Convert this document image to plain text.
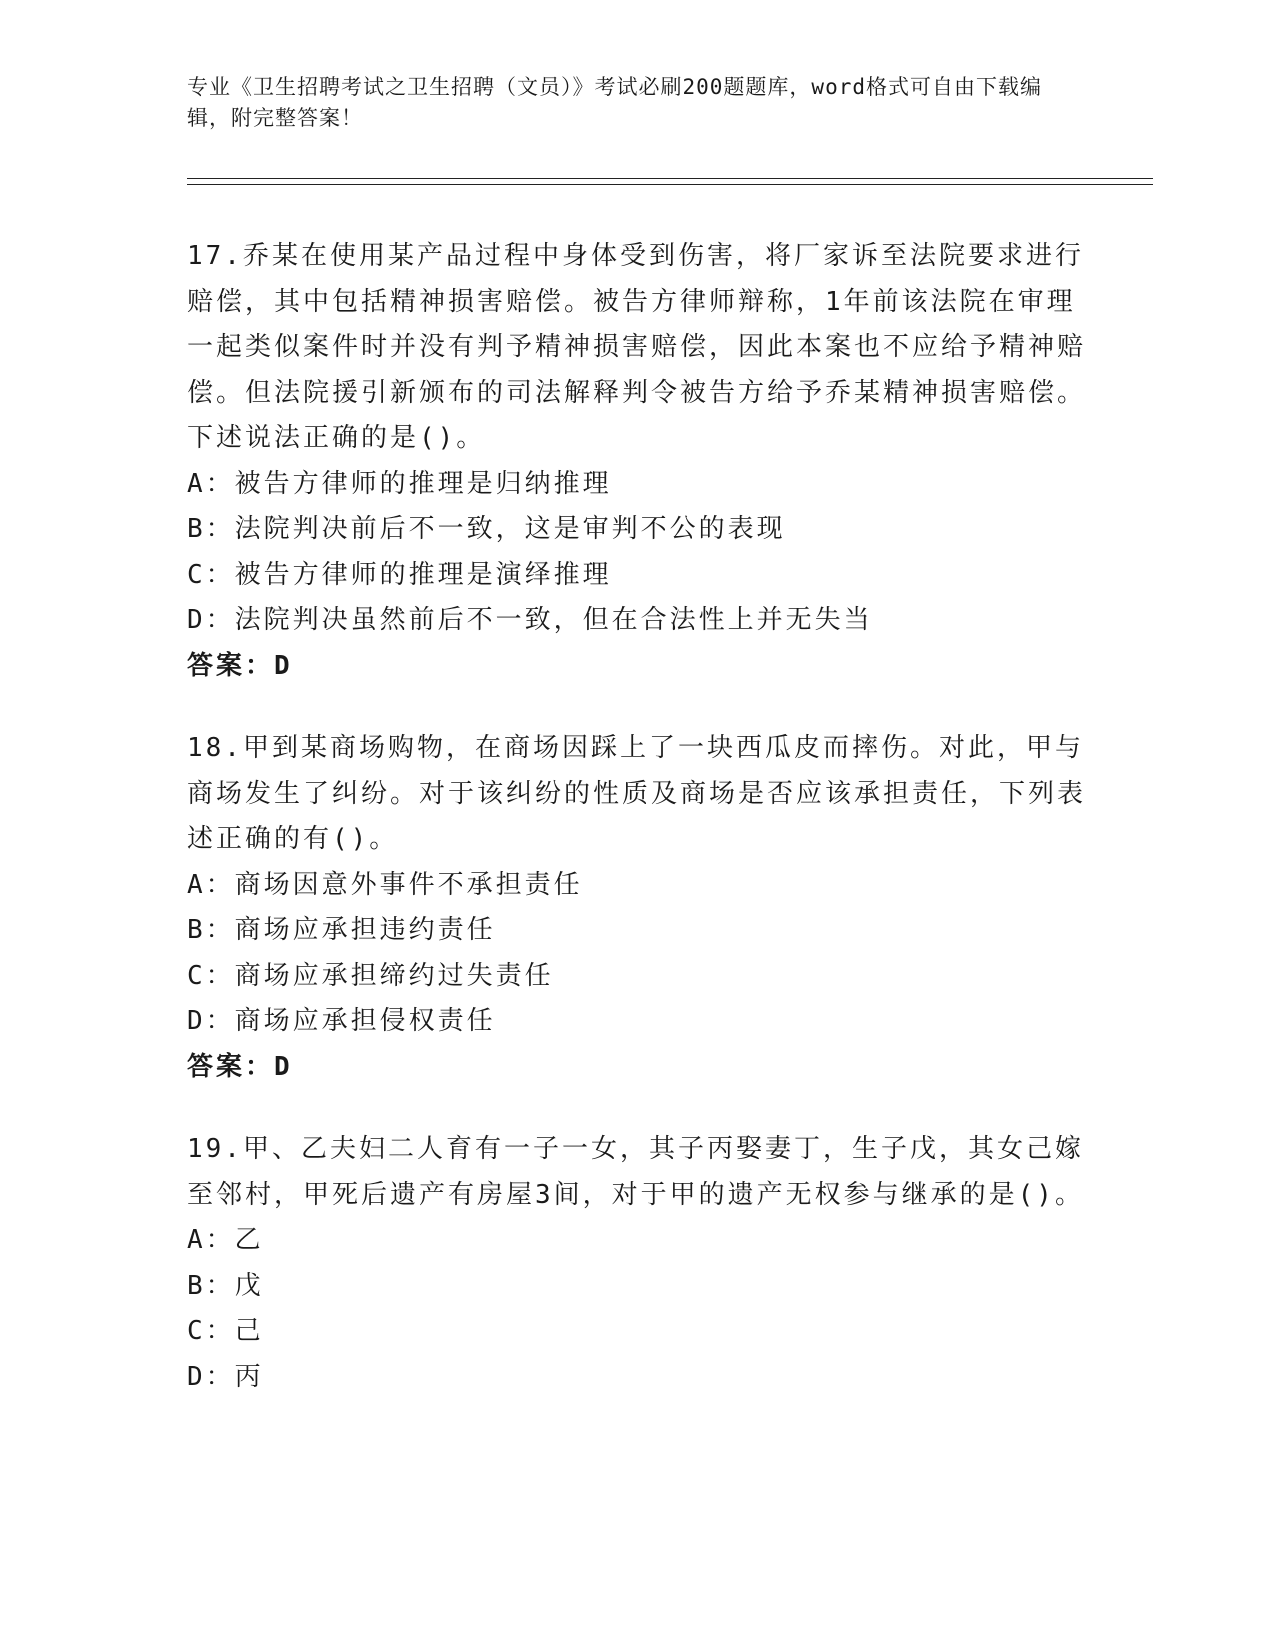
专业《卫生招聘考试之卫生招聘（文员）》考试必刷200题题库，word格式可自由下载编辑，附完整答案！
17.乔某在使用某产品过程中身体受到伤害，将厂家诉至法院要求进行赔偿，其中包括精神损害赔偿。被告方律师辩称，1年前该法院在审理一起类似案件时并没有判予精神损害赔偿，因此本案也不应给予精神赔偿。但法院援引新颁布的司法解释判令被告方给予乔某精神损害赔偿。下述说法正确的是()。
A：被告方律师的推理是归纳推理
B：法院判决前后不一致，这是审判不公的表现
C：被告方律师的推理是演绎推理
D：法院判决虽然前后不一致，但在合法性上并无失当
答案：D
18.甲到某商场购物，在商场因踩上了一块西瓜皮而摔伤。对此，甲与商场发生了纠纷。对于该纠纷的性质及商场是否应该承担责任，下列表述正确的有()。
A：商场因意外事件不承担责任
B：商场应承担违约责任
C：商场应承担缔约过失责任
D：商场应承担侵权责任
答案：D
19.甲、乙夫妇二人育有一子一女，其子丙娶妻丁，生子戊，其女己嫁至邻村，甲死后遗产有房屋3间，对于甲的遗产无权参与继承的是()。
A：乙
B：戊
C：己
D：丙
